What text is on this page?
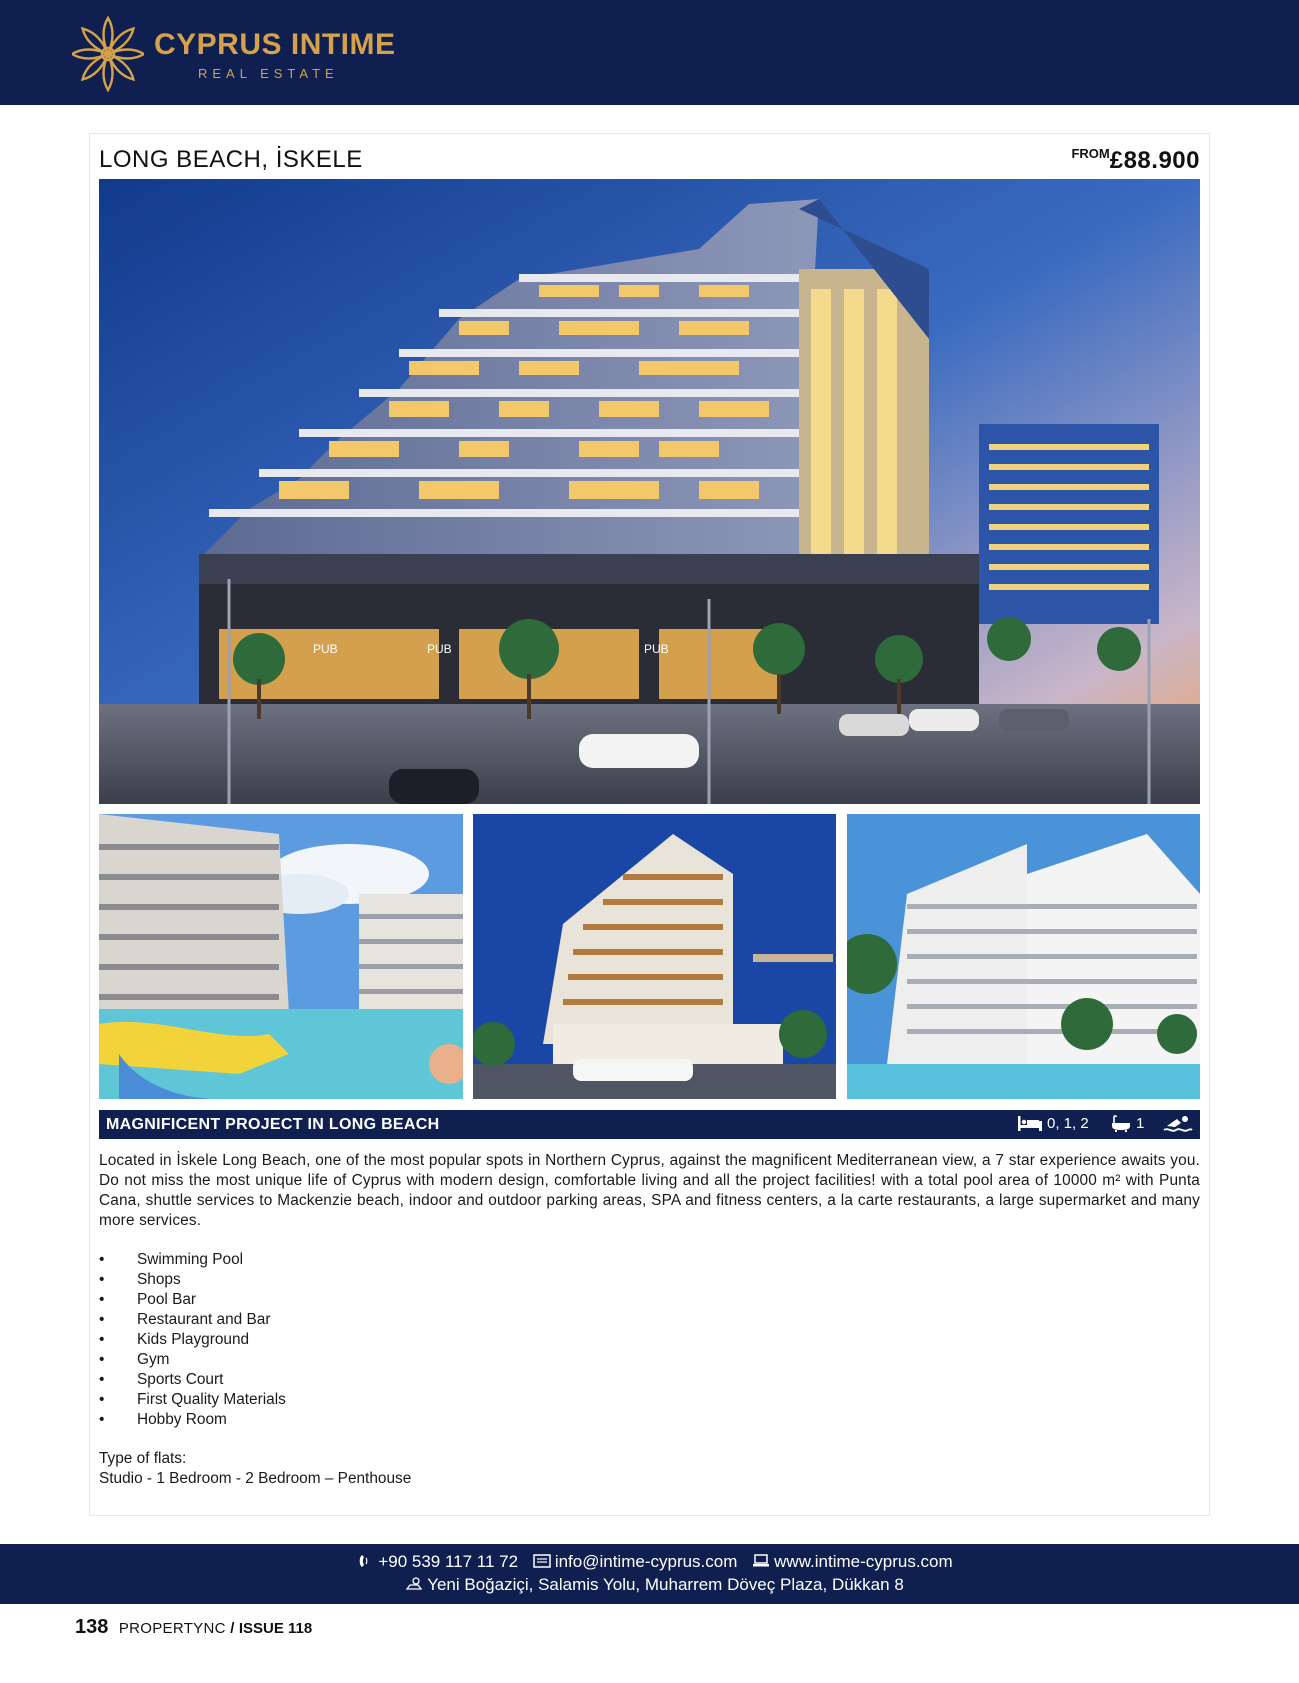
CYPRUS INTIME
REAL ESTATE
LONG BEACH, İSKELE	$^{FROM}$£88.900
PUB	PUB	PUB
MAGNIFICENT PROJECT IN LONG BEACH	0, 1, 2	1

Located in İskele Long Beach, one of the most popular spots in Northern Cyprus, against the magnificent Mediterranean view, a 7 star experience awaits you. Do not miss the most unique life of Cyprus with modern design, comfortable living and all the project facilities! with a total pool area of 10000 m² with Punta Cana, shuttle services to Mackenzie beach, indoor and outdoor parking areas, SPA and fitness centers, a la carte restaurants, a large supermarket and many more services.

• Swimming Pool
• Shops
• Pool Bar
• Restaurant and Bar
• Kids Playground
• Gym
• Sports Court
• First Quality Materials
• Hobby Room
Type of flats:
Studio - 1 Bedroom - 2 Bedroom – Penthouse
+90 539 117 11 72 info@intime-cyprus.com www.intime-cyprus.com
Yeni Boğaziçi, Salamis Yolu, Muharrem Döveç Plaza, Dükkan 8
138 PROPERTYNC / ISSUE 118
